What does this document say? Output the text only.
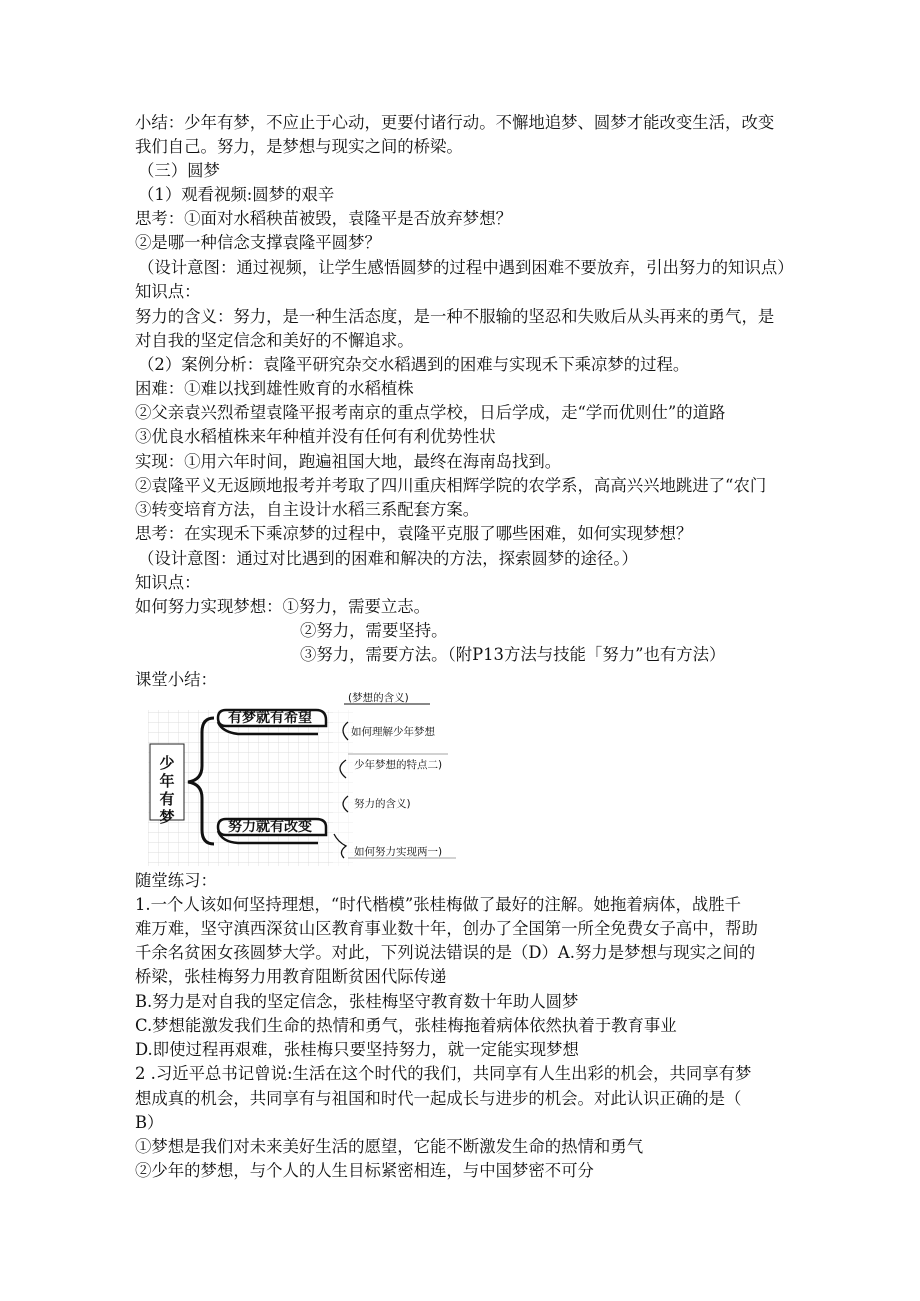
小结：少年有梦，不应止于心动，更要付诸行动。不懈地追梦、圆梦才能改变生活，改变
我们自己。努力，是梦想与现实之间的桥梁。
（三）圆梦
（1）观看视频:圆梦的艰辛
思考：①面对水稻秧苗被毁，袁隆平是否放弃梦想？
②是哪一种信念支撑袁隆平圆梦？
（设计意图：通过视频，让学生感悟圆梦的过程中遇到困难不要放弃，引出努力的知识点）
知识点：
努力的含义：努力，是一种生活态度，是一种不服输的坚忍和失败后从头再来的勇气，是
对自我的坚定信念和美好的不懈追求。
（2）案例分析：袁隆平研究杂交水稻遇到的困难与实现禾下乘凉梦的过程。
困难：①难以找到雄性败育的水稻植株
②父亲袁兴烈希望袁隆平报考南京的重点学校，日后学成，走“学而优则仕”的道路
③优良水稻植株来年种植并没有任何有利优势性状
实现：①用六年时间，跑遍祖国大地，最终在海南岛找到。
②袁隆平义无返顾地报考并考取了四川重庆相辉学院的农学系，高高兴兴地跳进了“农门
③转变培育方法，自主设计水稻三系配套方案。
思考：在实现禾下乘凉梦的过程中，袁隆平克服了哪些困难，如何实现梦想？
（设计意图：通过对比遇到的困难和解决的方法，探索圆梦的途径。）
知识点：
如何努力实现梦想：①努力，需要立志。
②努力，需要坚持。
③努力，需要方法。（附P13方法与技能「努力”也有方法）
课堂小结：
少年有梦
有梦就有希望
努力就有改变
(梦想的含义)
如何理解少年梦想
少年梦想的特点二)
努力的含义)
如何努力实现两一)
随堂练习：
1.一个人该如何坚持理想，“时代楷模”张桂梅做了最好的注解。她拖着病体，战胜千
难万难，坚守滇西深贫山区教育事业数十年，创办了全国第一所全免费女子高中，帮助
千余名贫困女孩圆梦大学。对此，下列说法错误的是（D）A.努力是梦想与现实之间的
桥梁，张桂梅努力用教育阻断贫困代际传递
B.努力是对自我的坚定信念，张桂梅坚守教育数十年助人圆梦
C.梦想能激发我们生命的热情和勇气，张桂梅拖着病体依然执着于教育事业
D.即使过程再艰难，张桂梅只要坚持努力，就一定能实现梦想
2 .习近平总书记曾说:生活在这个时代的我们，共同享有人生出彩的机会，共同享有梦
想成真的机会，共同享有与祖国和时代一起成长与进步的机会。对此认识正确的是（
B）
①梦想是我们对未来美好生活的愿望，它能不断激发生命的热情和勇气
②少年的梦想，与个人的人生目标紧密相连，与中国梦密不可分
